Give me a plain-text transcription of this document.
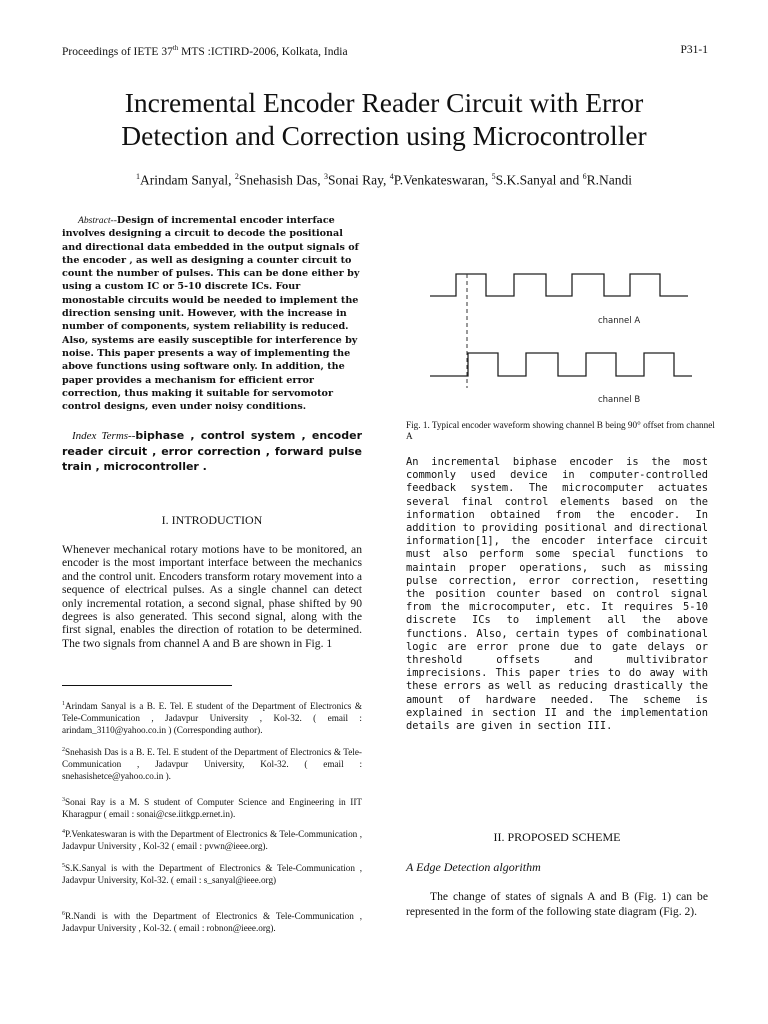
Proceedings of IETE 37th MTS :ICTIRD-2006, Kolkata, India	P31-1
Incremental Encoder Reader Circuit with Error
Detection and Correction using Microcontroller
$^1$Arindam Sanyal, $^2$Snehasish Das, $^3$Sonai Ray, $^4$P.Venkateswaran, $^5$S.K.Sanyal and $^6$R.Nandi
Abstract--Design of incremental encoder interface involves designing a circuit to decode the positional and directional data embedded in the output signals of the encoder , as well as designing a counter circuit to count the number of pulses. This can be done either by using a custom IC or 5-10 discrete ICs. Four monostable circuits would be needed to implement the direction sensing unit. However, with the increase in number of components, system reliability is reduced. Also, systems are easily susceptible for interference by noise. This paper presents a way of implementing the above functions using software only. In addition, the paper provides a mechanism for efficient error correction, thus making it suitable for servomotor control designs, even under noisy conditions.
Index Terms--biphase , control system , encoder reader circuit , error correction , forward pulse train , microcontroller .
I. INTRODUCTION
Whenever mechanical rotary motions have to be monitored, an encoder is the most important interface between the mechanics and the control unit. Encoders transform rotary movement into a sequence of electrical pulses. As a single channel can detect only incremental rotation, a second signal, phase shifted by 90 degrees is also generated. This second signal, along with the first signal, enables the direction of rotation to be determined. The two signals from channel A and B are shown in Fig. 1
$^1$Arindam Sanyal is a B. E. Tel. E student of the Department of Electronics & Tele-Communication , Jadavpur University , Kol-32. ( email : arindam_3110@yahoo.co.in ) (Corresponding author).
$^2$Snehasish Das is a B. E. Tel. E student of the Department of Electronics & Tele-Communication , Jadavpur University, Kol-32. ( email : snehasishetce@yahoo.co.in ).
$^3$Sonai Ray is a M. S student of Computer Science and Engineering in IIT Kharagpur ( email : sonai@cse.iitkgp.ernet.in).
$^4$P.Venkateswaran is with the Department of Electronics & Tele-Communication , Jadavpur University , Kol-32 ( email : pvwn@ieee.org).
$^5$S.K.Sanyal is with the Department of Electronics & Tele-Communication , Jadavpur University, Kol-32. ( email : s_sanyal@ieee.org)
$^6$R.Nandi is with the Department of Electronics & Tele-Communication , Jadavpur University , Kol-32. ( email : robnon@ieee.org).
channel A
channel B
Fig. 1. Typical encoder waveform showing channel B being 90° offset from channel A
An incremental biphase encoder is the most commonly used device in computer-controlled feedback system. The microcomputer actuates several final control elements based on the information obtained from the encoder. In addition to providing positional and directional information[1], the encoder interface circuit must also perform some special functions to maintain proper operations, such as missing pulse correction, error correction, resetting the position counter based on control signal from the microcomputer, etc. It requires 5-10 discrete ICs to implement all the above functions. Also, certain types of combinational logic are error prone due to gate delays or threshold offsets and multivibrator imprecisions. This paper tries to do away with these errors as well as reducing drastically the amount of hardware needed. The scheme is explained in section II and the implementation details are given in section III.
II. PROPOSED SCHEME
A Edge Detection algorithm
The change of states of signals A and B (Fig. 1) can be represented in the form of the following state diagram (Fig. 2).
